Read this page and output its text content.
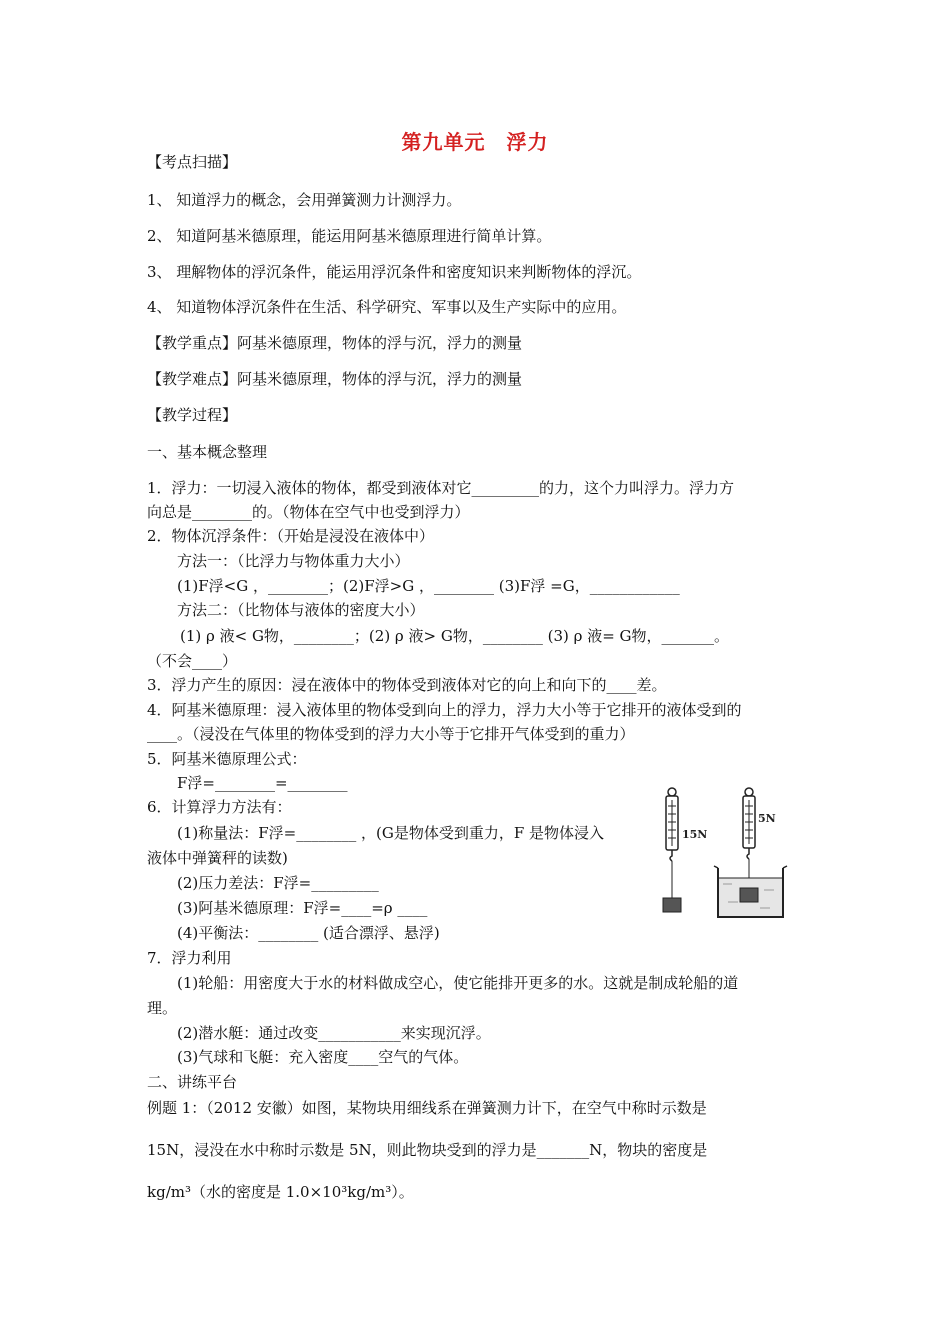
第九单元　浮力
【考点扫描】
1、 知道浮力的概念，会用弹簧测力计测浮力。
2、 知道阿基米德原理，能运用阿基米德原理进行简单计算。
3、 理解物体的浮沉条件，能运用浮沉条件和密度知识来判断物体的浮沉。
4、 知道物体浮沉条件在生活、科学研究、军事以及生产实际中的应用。
【教学重点】阿基米德原理，物体的浮与沉，浮力的测量
【教学难点】阿基米德原理，物体的浮与沉，浮力的测量
【教学过程】
一、基本概念整理
1．浮力：一切浸入液体的物体，都受到液体对它_________的力，这个力叫浮力。浮力方
向总是________的。（物体在空气中也受到浮力）
2．物体沉浮条件：（开始是浸没在液体中）
方法一：（比浮力与物体重力大小）
(1)F浮<G ，________；(2)F浮>G ，________ (3)F浮 =G，____________
方法二：（比物体与液体的密度大小）
(1) ρ 液< G物，________；(2) ρ 液> G物，________ (3) ρ 液= G物，_______。
（不会____）
3．浮力产生的原因：浸在液体中的物体受到液体对它的向上和向下的____差。
4．阿基米德原理：浸入液体里的物体受到向上的浮力，浮力大小等于它排开的液体受到的
____。（浸没在气体里的物体受到的浮力大小等于它排开气体受到的重力）
5．阿基米德原理公式：
F浮=________=________
6．计算浮力方法有：
(1)称量法：F浮=________ ，(G是物体受到重力，F 是物体浸入
液体中弹簧秤的读数)
(2)压力差法：F浮=_________
(3)阿基米德原理：F浮=____=ρ ____
(4)平衡法：________ (适合漂浮、悬浮)
7．浮力利用
(1)轮船：用密度大于水的材料做成空心，使它能排开更多的水。这就是制成轮船的道
理。
(2)潜水艇：通过改变___________来实现沉浮。
(3)气球和飞艇：充入密度____空气的气体。
二、讲练平台
例题 1：（2012 安徽）如图，某物块用细线系在弹簧测力计下，在空气中称时示数是
15N，浸没在水中称时示数是 5N，则此物块受到的浮力是_______N，物块的密度是
kg/m³（水的密度是 1.0×10³kg/m³）。
15N
5N
